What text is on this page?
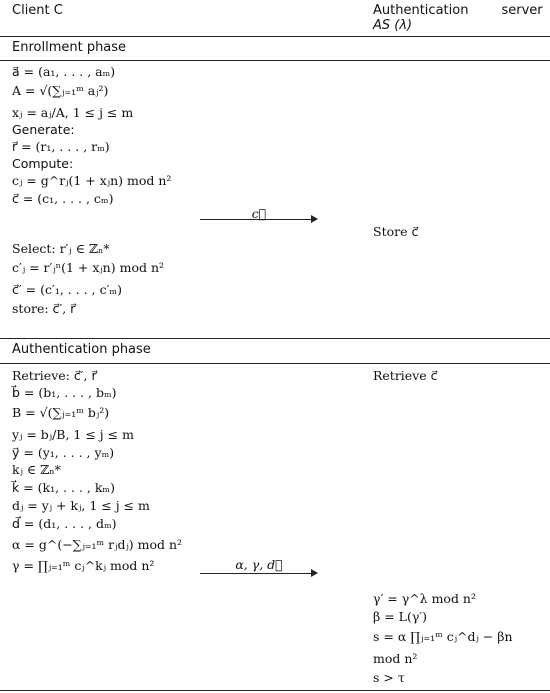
Client C	Authentication        server
AS (λ)
Enrollment phase
a⃗ = (a₁, . . . , aₘ)
A = √(∑ⱼ₌₁ᵐ aⱼ²)
xⱼ = aⱼ/A, 1 ≤ j ≤ m
Generate:
r⃗ = (r₁, . . . , rₘ)
Compute:
cⱼ = g^rⱼ(1 + xⱼn) mod n²
c⃗ = (c₁, . . . , cₘ)
c⃗
Store c⃗
Select: r′ⱼ ∈ ℤₙ*
c′ⱼ = r′ⱼⁿ(1 + xⱼn) mod n²
c⃗′ = (c′₁, . . . , c′ₘ)
store: c⃗′, r⃗
Authentication phase
Retrieve: c⃗′, r⃗	Retrieve c⃗
b⃗ = (b₁, . . . , bₘ)
B = √(∑ⱼ₌₁ᵐ bⱼ²)
yⱼ = bⱼ/B, 1 ≤ j ≤ m
y⃗ = (y₁, . . . , yₘ)
kⱼ ∈ ℤₙ*
k⃗ = (k₁, . . . , kₘ)
dⱼ = yⱼ + kⱼ, 1 ≤ j ≤ m
d⃗ = (d₁, . . . , dₘ)
α = g^(−∑ⱼ₌₁ᵐ rⱼdⱼ) mod n²
γ = ∏ⱼ₌₁ᵐ cⱼ^kⱼ mod n²	α, γ, d⃗
γ′ = γ^λ mod n²
β = L(γ′)
s = α ∏ⱼ₌₁ᵐ cⱼ^dⱼ − βn
mod n²
s > τ
